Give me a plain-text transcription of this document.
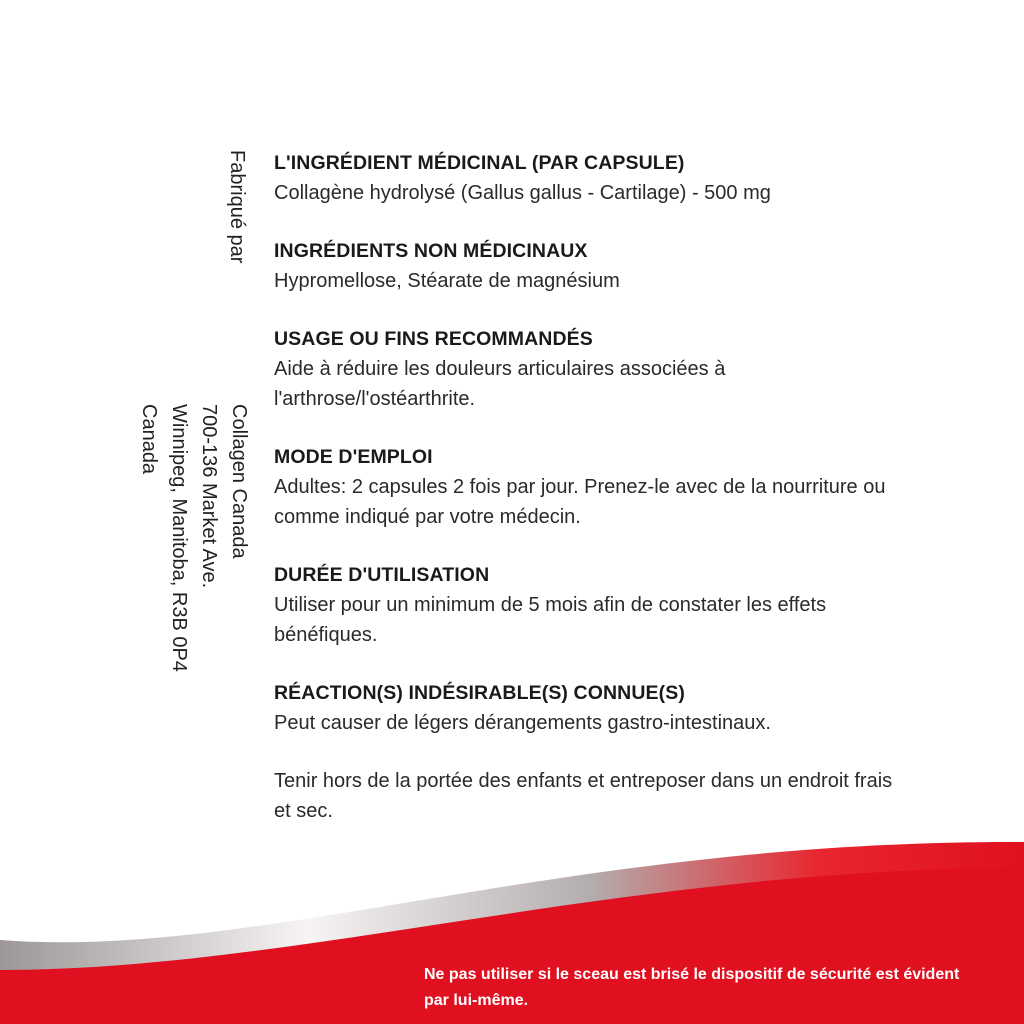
Fabriqué par
Collagen Canada
700-136 Market Ave.
Winnipeg, Manitoba, R3B 0P4
Canada
L'INGRÉDIENT MÉDICINAL (PAR CAPSULE)
Collagène hydrolysé (Gallus gallus - Cartilage) - 500 mg
INGRÉDIENTS NON MÉDICINAUX
Hypromellose, Stéarate de magnésium
USAGE OU FINS RECOMMANDÉS
Aide à réduire les douleurs articulaires associées à l'arthrose/l'ostéarthrite.
MODE D'EMPLOI
Adultes: 2 capsules 2 fois par jour. Prenez-le avec de la nourriture ou comme indiqué par votre médecin.
DURÉE D'UTILISATION
Utiliser pour un minimum de 5 mois afin de constater les effets bénéfiques.
RÉACTION(S) INDÉSIRABLE(S) CONNUE(S)
Peut causer de légers dérangements gastro-intestinaux.
Tenir hors de la portée des enfants et entreposer dans un endroit frais et sec.
Ne pas utiliser si le sceau est brisé le dispositif de sécurité est évident par lui-même.
